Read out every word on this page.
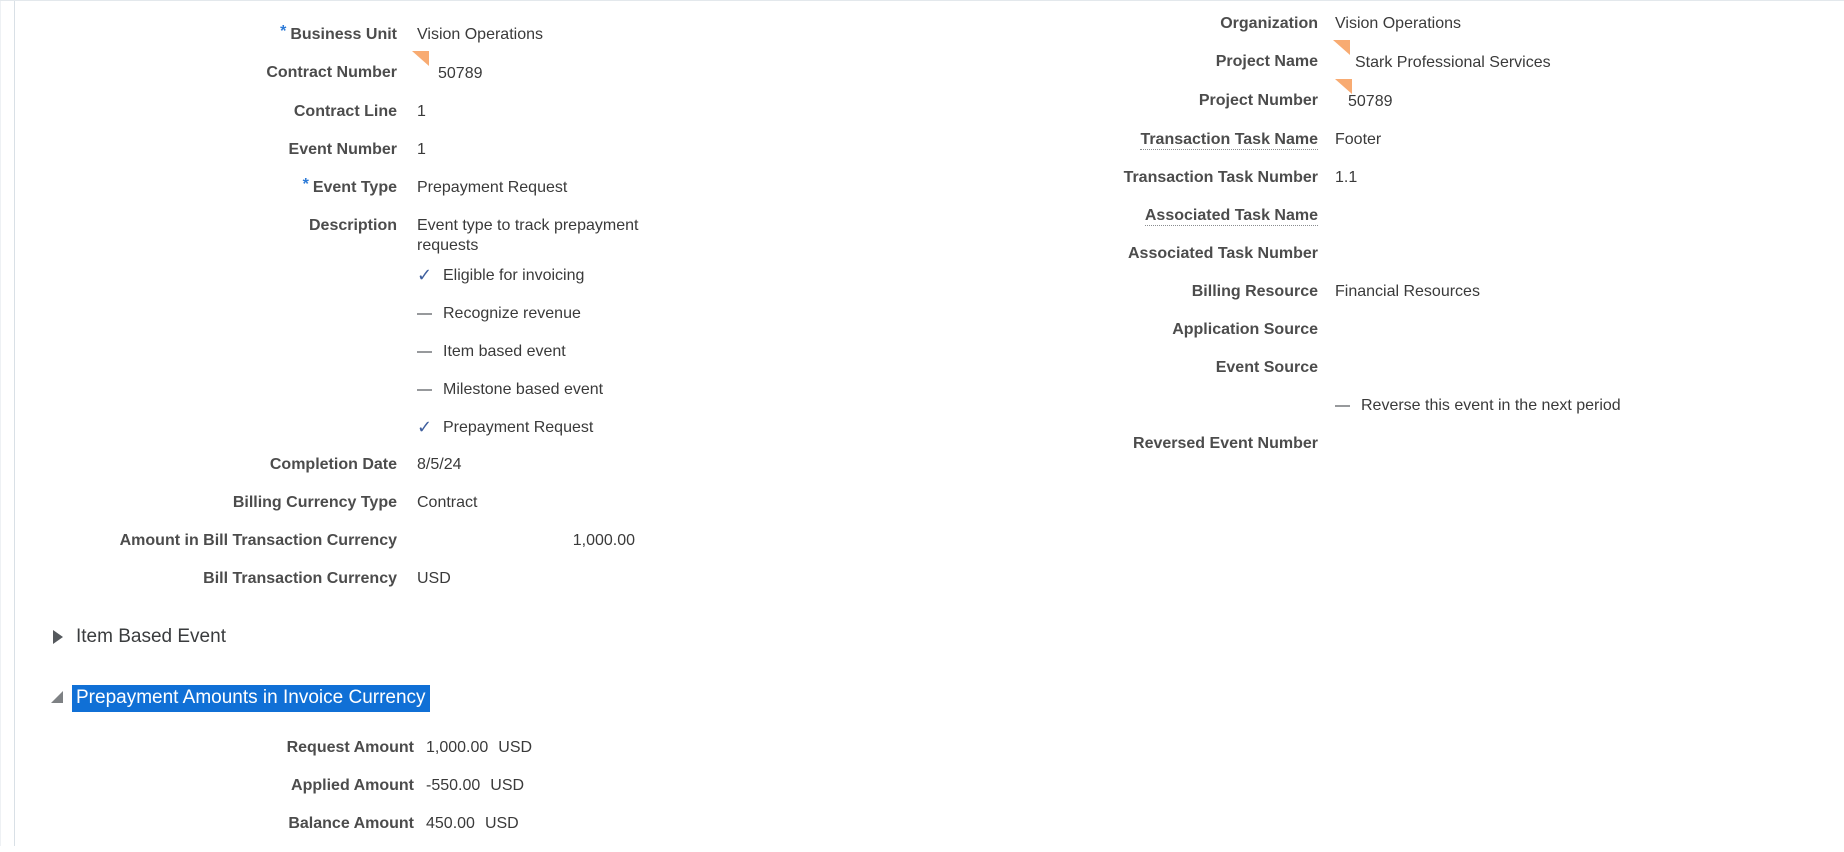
* Business Unit	Vision Operations
Contract Number	50789
Contract Line	1
Event Number	1
* Event Type	Prepayment Request
Description	Event type to track prepayment requests
✓ Eligible for invoicing
Recognize revenue
Item based event
Milestone based event
✓ Prepayment Request
Completion Date	8/5/24
Billing Currency Type	Contract
Amount in Bill Transaction Currency	1,000.00
Bill Transaction Currency	USD
Organization	Vision Operations
Project Name	Stark Professional Services
Project Number	50789
Transaction Task Name	Footer
Transaction Task Number	1.1
Associated Task Name
Associated Task Number
Billing Resource	Financial Resources
Application Source
Event Source
Reverse this event in the next period
Reversed Event Number
Item Based Event
Prepayment Amounts in Invoice Currency
Request Amount 1,000.00 USD
Applied Amount -550.00 USD
Balance Amount 450.00 USD
